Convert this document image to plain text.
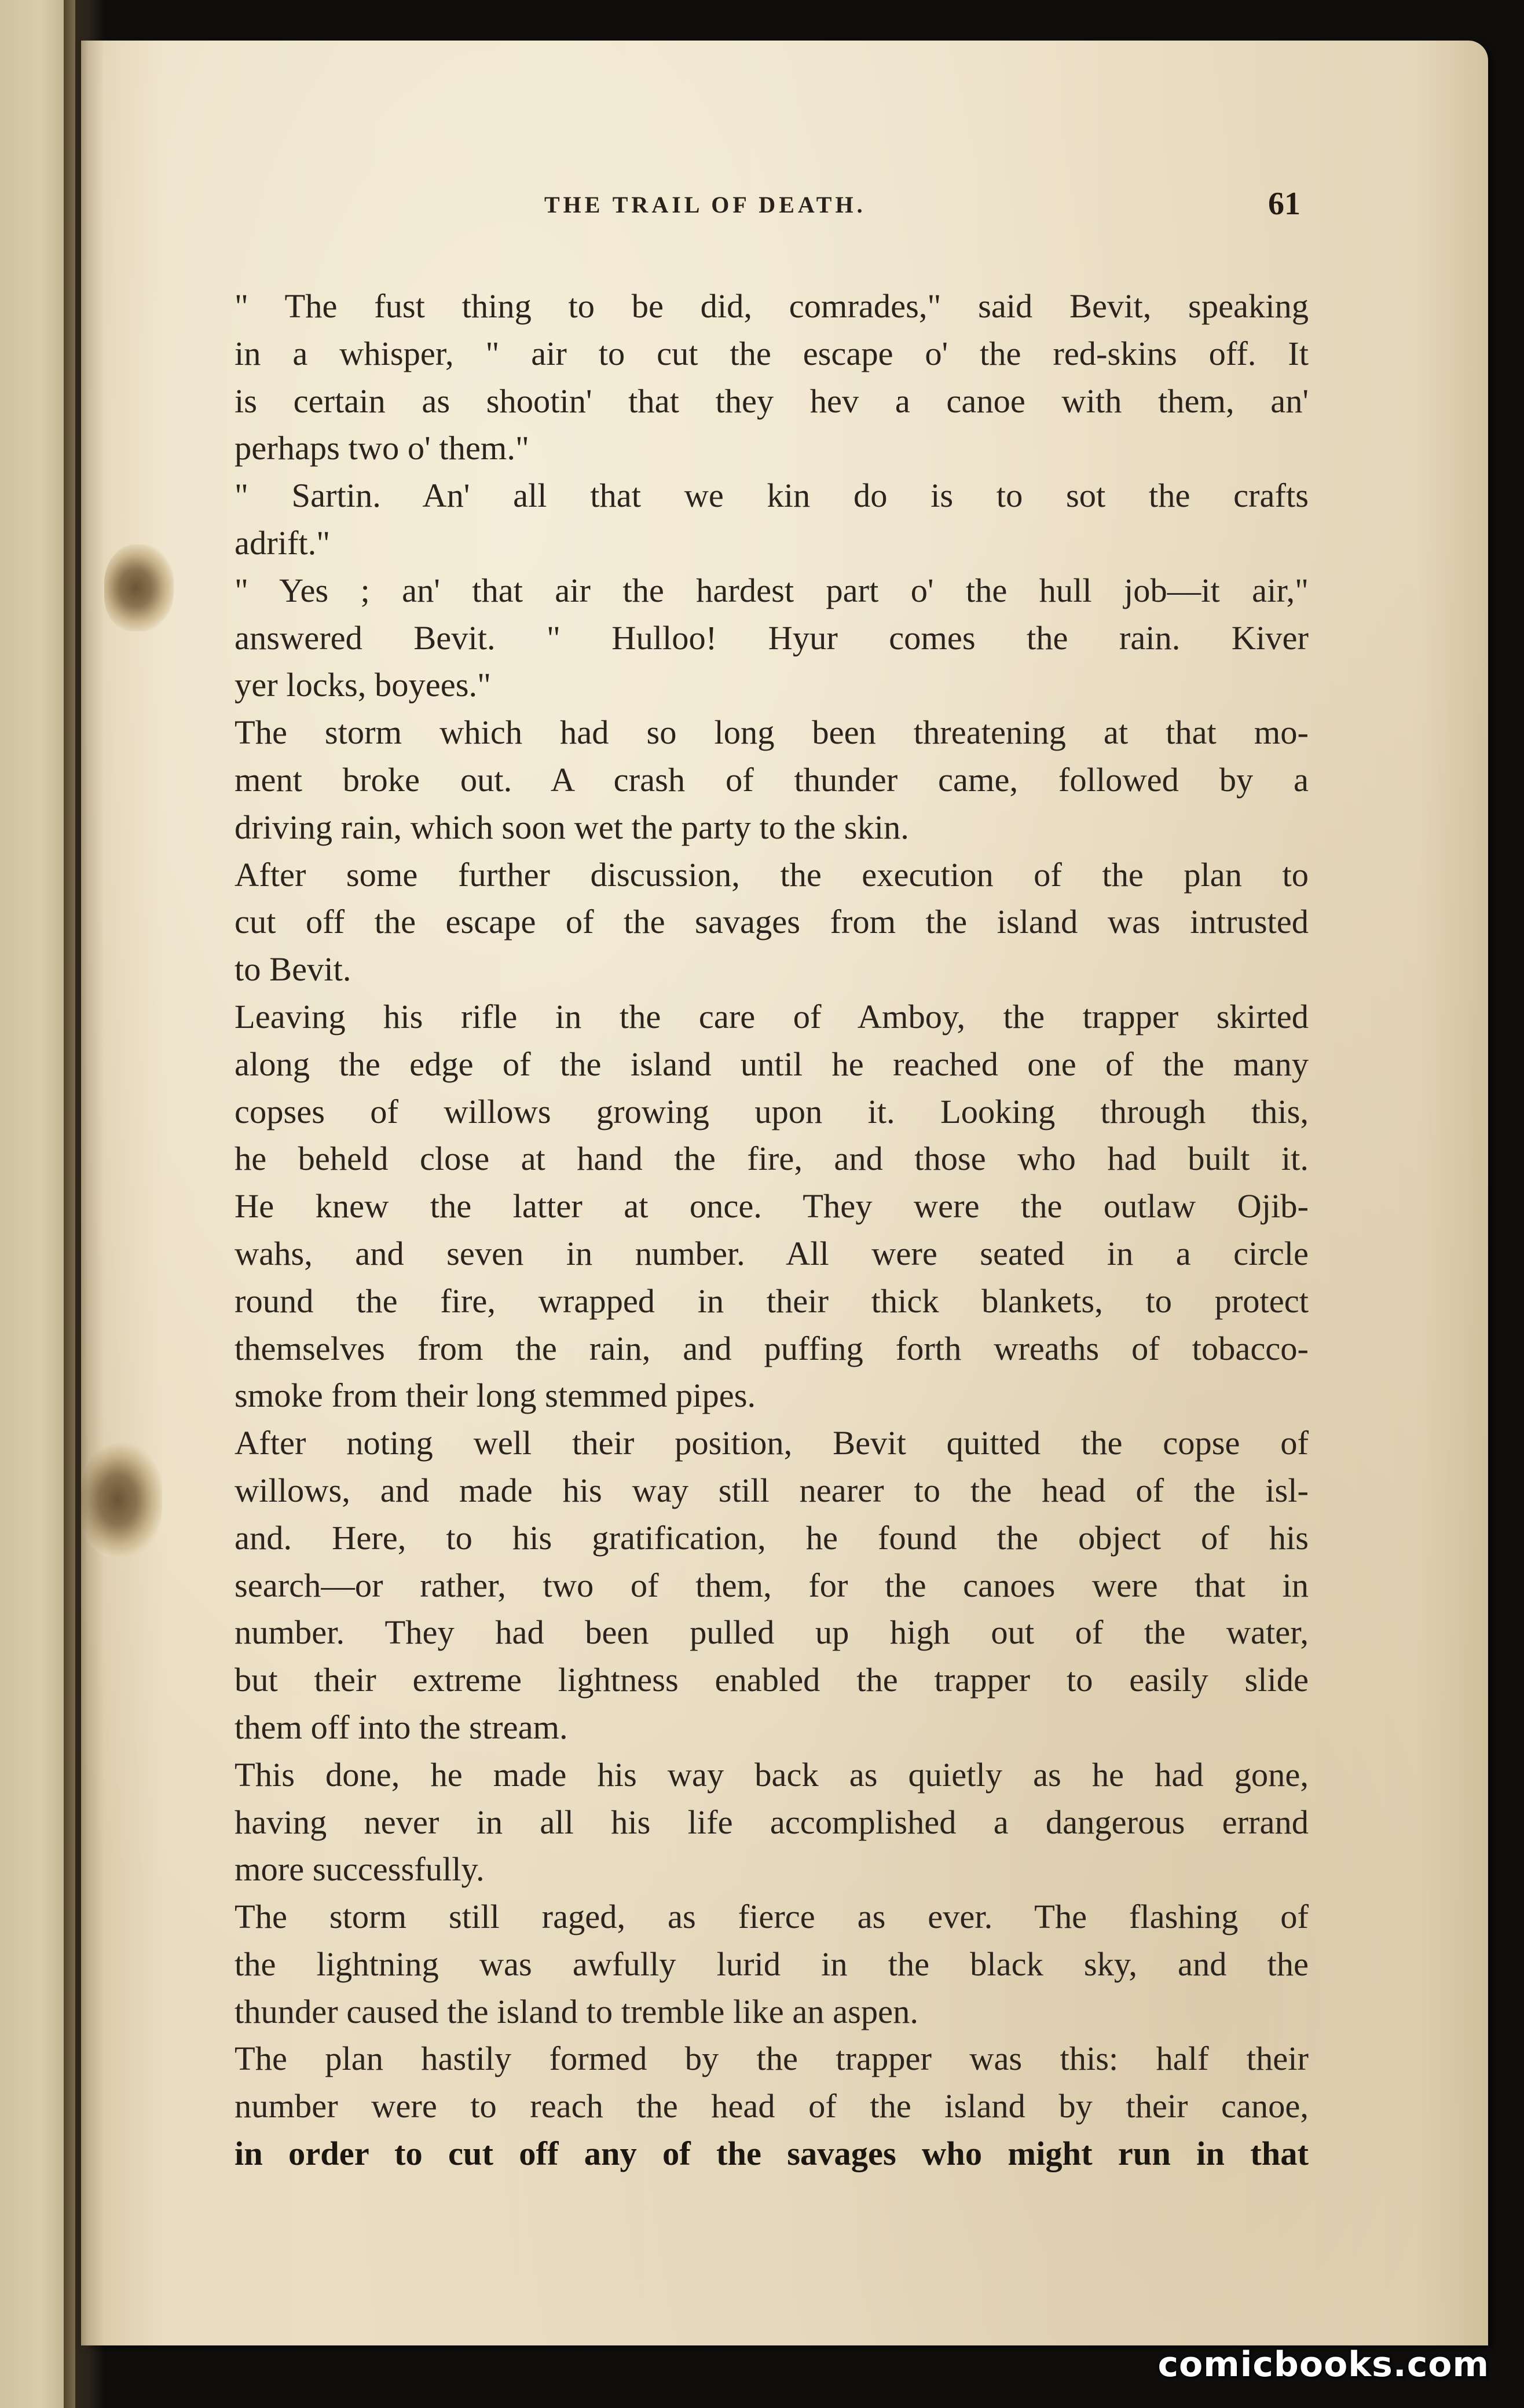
THE TRAIL OF DEATH.	61
" The fust thing to be did, comrades," said Bevit, speaking
in a whisper, " air to cut the escape o' the red-skins off. It
is certain as shootin' that they hev a canoe with them, an'
perhaps two o' them."
" Sartin. An' all that we kin do is to sot the crafts
adrift."
" Yes ; an' that air the hardest part o' the hull job—it air,"
answered Bevit. " Hulloo! Hyur comes the rain. Kiver
yer locks, boyees."
The storm which had so long been threatening at that mo-
ment broke out. A crash of thunder came, followed by a
driving rain, which soon wet the party to the skin.
After some further discussion, the execution of the plan to
cut off the escape of the savages from the island was intrusted
to Bevit.
Leaving his rifle in the care of Amboy, the trapper skirted
along the edge of the island until he reached one of the many
copses of willows growing upon it. Looking through this,
he beheld close at hand the fire, and those who had built it.
He knew the latter at once. They were the outlaw Ojib-
wahs, and seven in number. All were seated in a circle
round the fire, wrapped in their thick blankets, to protect
themselves from the rain, and puffing forth wreaths of tobacco-
smoke from their long stemmed pipes.
After noting well their position, Bevit quitted the copse of
willows, and made his way still nearer to the head of the isl-
and. Here, to his gratification, he found the object of his
search—or rather, two of them, for the canoes were that in
number. They had been pulled up high out of the water,
but their extreme lightness enabled the trapper to easily slide
them off into the stream.
This done, he made his way back as quietly as he had gone,
having never in all his life accomplished a dangerous errand
more successfully.
The storm still raged, as fierce as ever. The flashing of
the lightning was awfully lurid in the black sky, and the
thunder caused the island to tremble like an aspen.
The plan hastily formed by the trapper was this: half their
number were to reach the head of the island by their canoe,
in order to cut off any of the savages who might run in that
comicbooks.com
